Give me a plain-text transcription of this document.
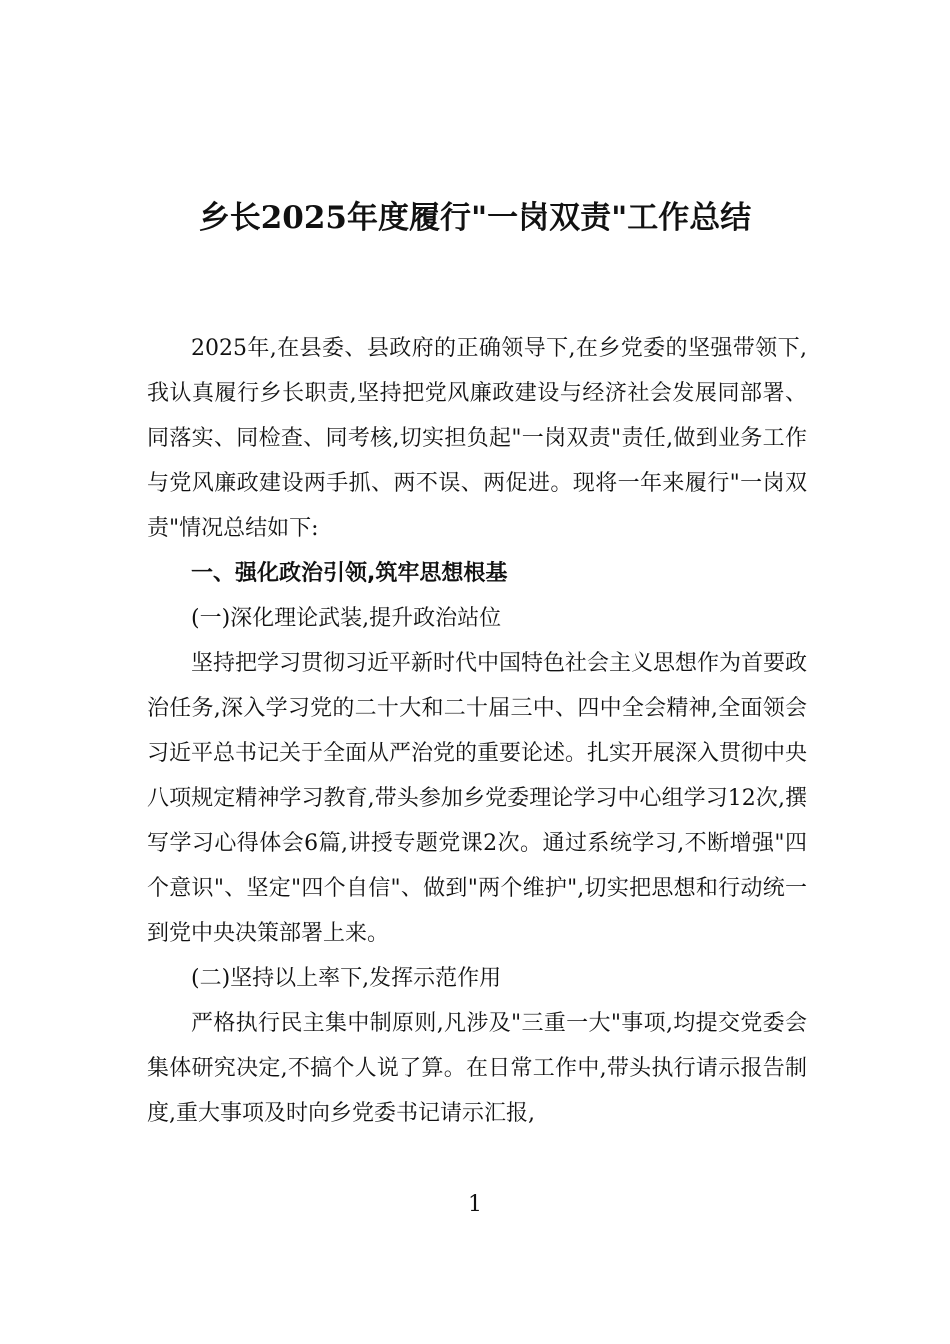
乡长2025年度履行"一岗双责"工作总结

2025年,在县委、县政府的正确领导下,在乡党委的坚强带领下,我认真履行乡长职责,坚持把党风廉政建设与经济社会发展同部署、同落实、同检查、同考核,切实担负起"一岗双责"责任,做到业务工作与党风廉政建设两手抓、两不误、两促进。现将一年来履行"一岗双责"情况总结如下:

一、强化政治引领,筑牢思想根基

(一)深化理论武装,提升政治站位

坚持把学习贯彻习近平新时代中国特色社会主义思想作为首要政治任务,深入学习党的二十大和二十届三中、四中全会精神,全面领会习近平总书记关于全面从严治党的重要论述。扎实开展深入贯彻中央八项规定精神学习教育,带头参加乡党委理论学习中心组学习12次,撰写学习心得体会6篇,讲授专题党课2次。通过系统学习,不断增强"四个意识"、坚定"四个自信"、做到"两个维护",切实把思想和行动统一到党中央决策部署上来。

(二)坚持以上率下,发挥示范作用

严格执行民主集中制原则,凡涉及"三重一大"事项,均提交党委会集体研究决定,不搞个人说了算。在日常工作中,带头执行请示报告制度,重大事项及时向乡党委书记请示汇报,

1
